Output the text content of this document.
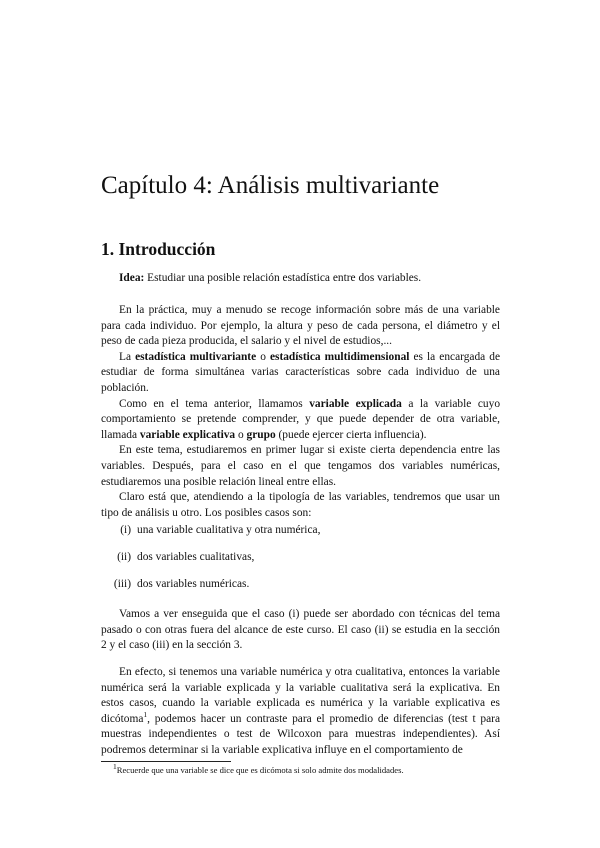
Capítulo 4: Análisis multivariante
1. Introducción

Idea: Estudiar una posible relación estadística entre dos variables.

En la práctica, muy a menudo se recoge información sobre más de una variable para cada individuo. Por ejemplo, la altura y peso de cada persona, el diámetro y el peso de cada pieza producida, el salario y el nivel de estudios,...

La estadística multivariante o estadística multidimensional es la encargada de estudiar de forma simultánea varias características sobre cada individuo de una población.

Como en el tema anterior, llamamos variable explicada a la variable cuyo comportamiento se pretende comprender, y que puede depender de otra variable, llamada variable explicativa o grupo (puede ejercer cierta influencia).

En este tema, estudiaremos en primer lugar si existe cierta dependencia entre las variables. Después, para el caso en el que tengamos dos variables numéricas, estudiaremos una posible relación lineal entre ellas.

Claro está que, atendiendo a la tipología de las variables, tendremos que usar un tipo de análisis u otro. Los posibles casos son:

(i) una variable cualitativa y otra numérica,
(ii) dos variables cualitativas,
(iii) dos variables numéricas.

Vamos a ver enseguida que el caso (i) puede ser abordado con técnicas del tema pasado o con otras fuera del alcance de este curso. El caso (ii) se estudia en la sección 2 y el caso (iii) en la sección 3.

En efecto, si tenemos una variable numérica y otra cualitativa, entonces la variable numérica será la variable explicada y la variable cualitativa será la explicativa. En estos casos, cuando la variable explicada es numérica y la variable explicativa es dicótoma$^1$, podemos hacer un contraste para el promedio de diferencias (test t para muestras independientes o test de Wilcoxon para muestras independientes). Así podremos determinar si la variable explicativa influye en el comportamiento de

$^1$Recuerde que una variable se dice que es dicómota si solo admite dos modalidades.
